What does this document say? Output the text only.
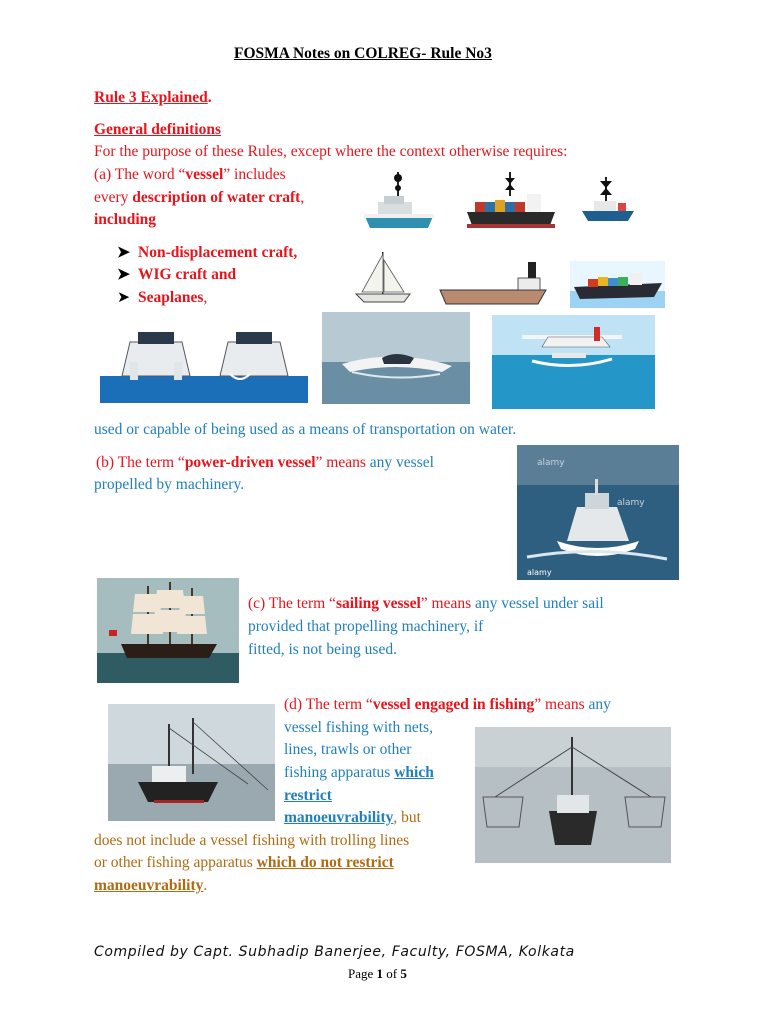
FOSMA Notes on COLREG- Rule No3
Rule 3 Explained.
General definitions
For the purpose of these Rules, except where the context otherwise requires:
(a) The word “vessel” includes
every description of water craft,
including
➤ Non-displacement craft,
➤ WIG craft and
➤ Seaplanes,
used or capable of being used as a means of transportation on water.
(b) The term “power-driven vessel” means any vessel
propelled by machinery.
alamy
alamy
alamy
(c) The term “sailing vessel” means any vessel under sail
provided that propelling machinery, if
fitted, is not being used.
(d) The term “vessel engaged in fishing” means any
vessel fishing with nets,
lines, trawls or other
fishing apparatus which
restrict
manoeuvrability, but
does not include a vessel fishing with trolling lines
or other fishing apparatus which do not restrict
manoeuvrability.
Compiled by Capt. Subhadip Banerjee, Faculty, FOSMA, Kolkata
Page 1 of 5
